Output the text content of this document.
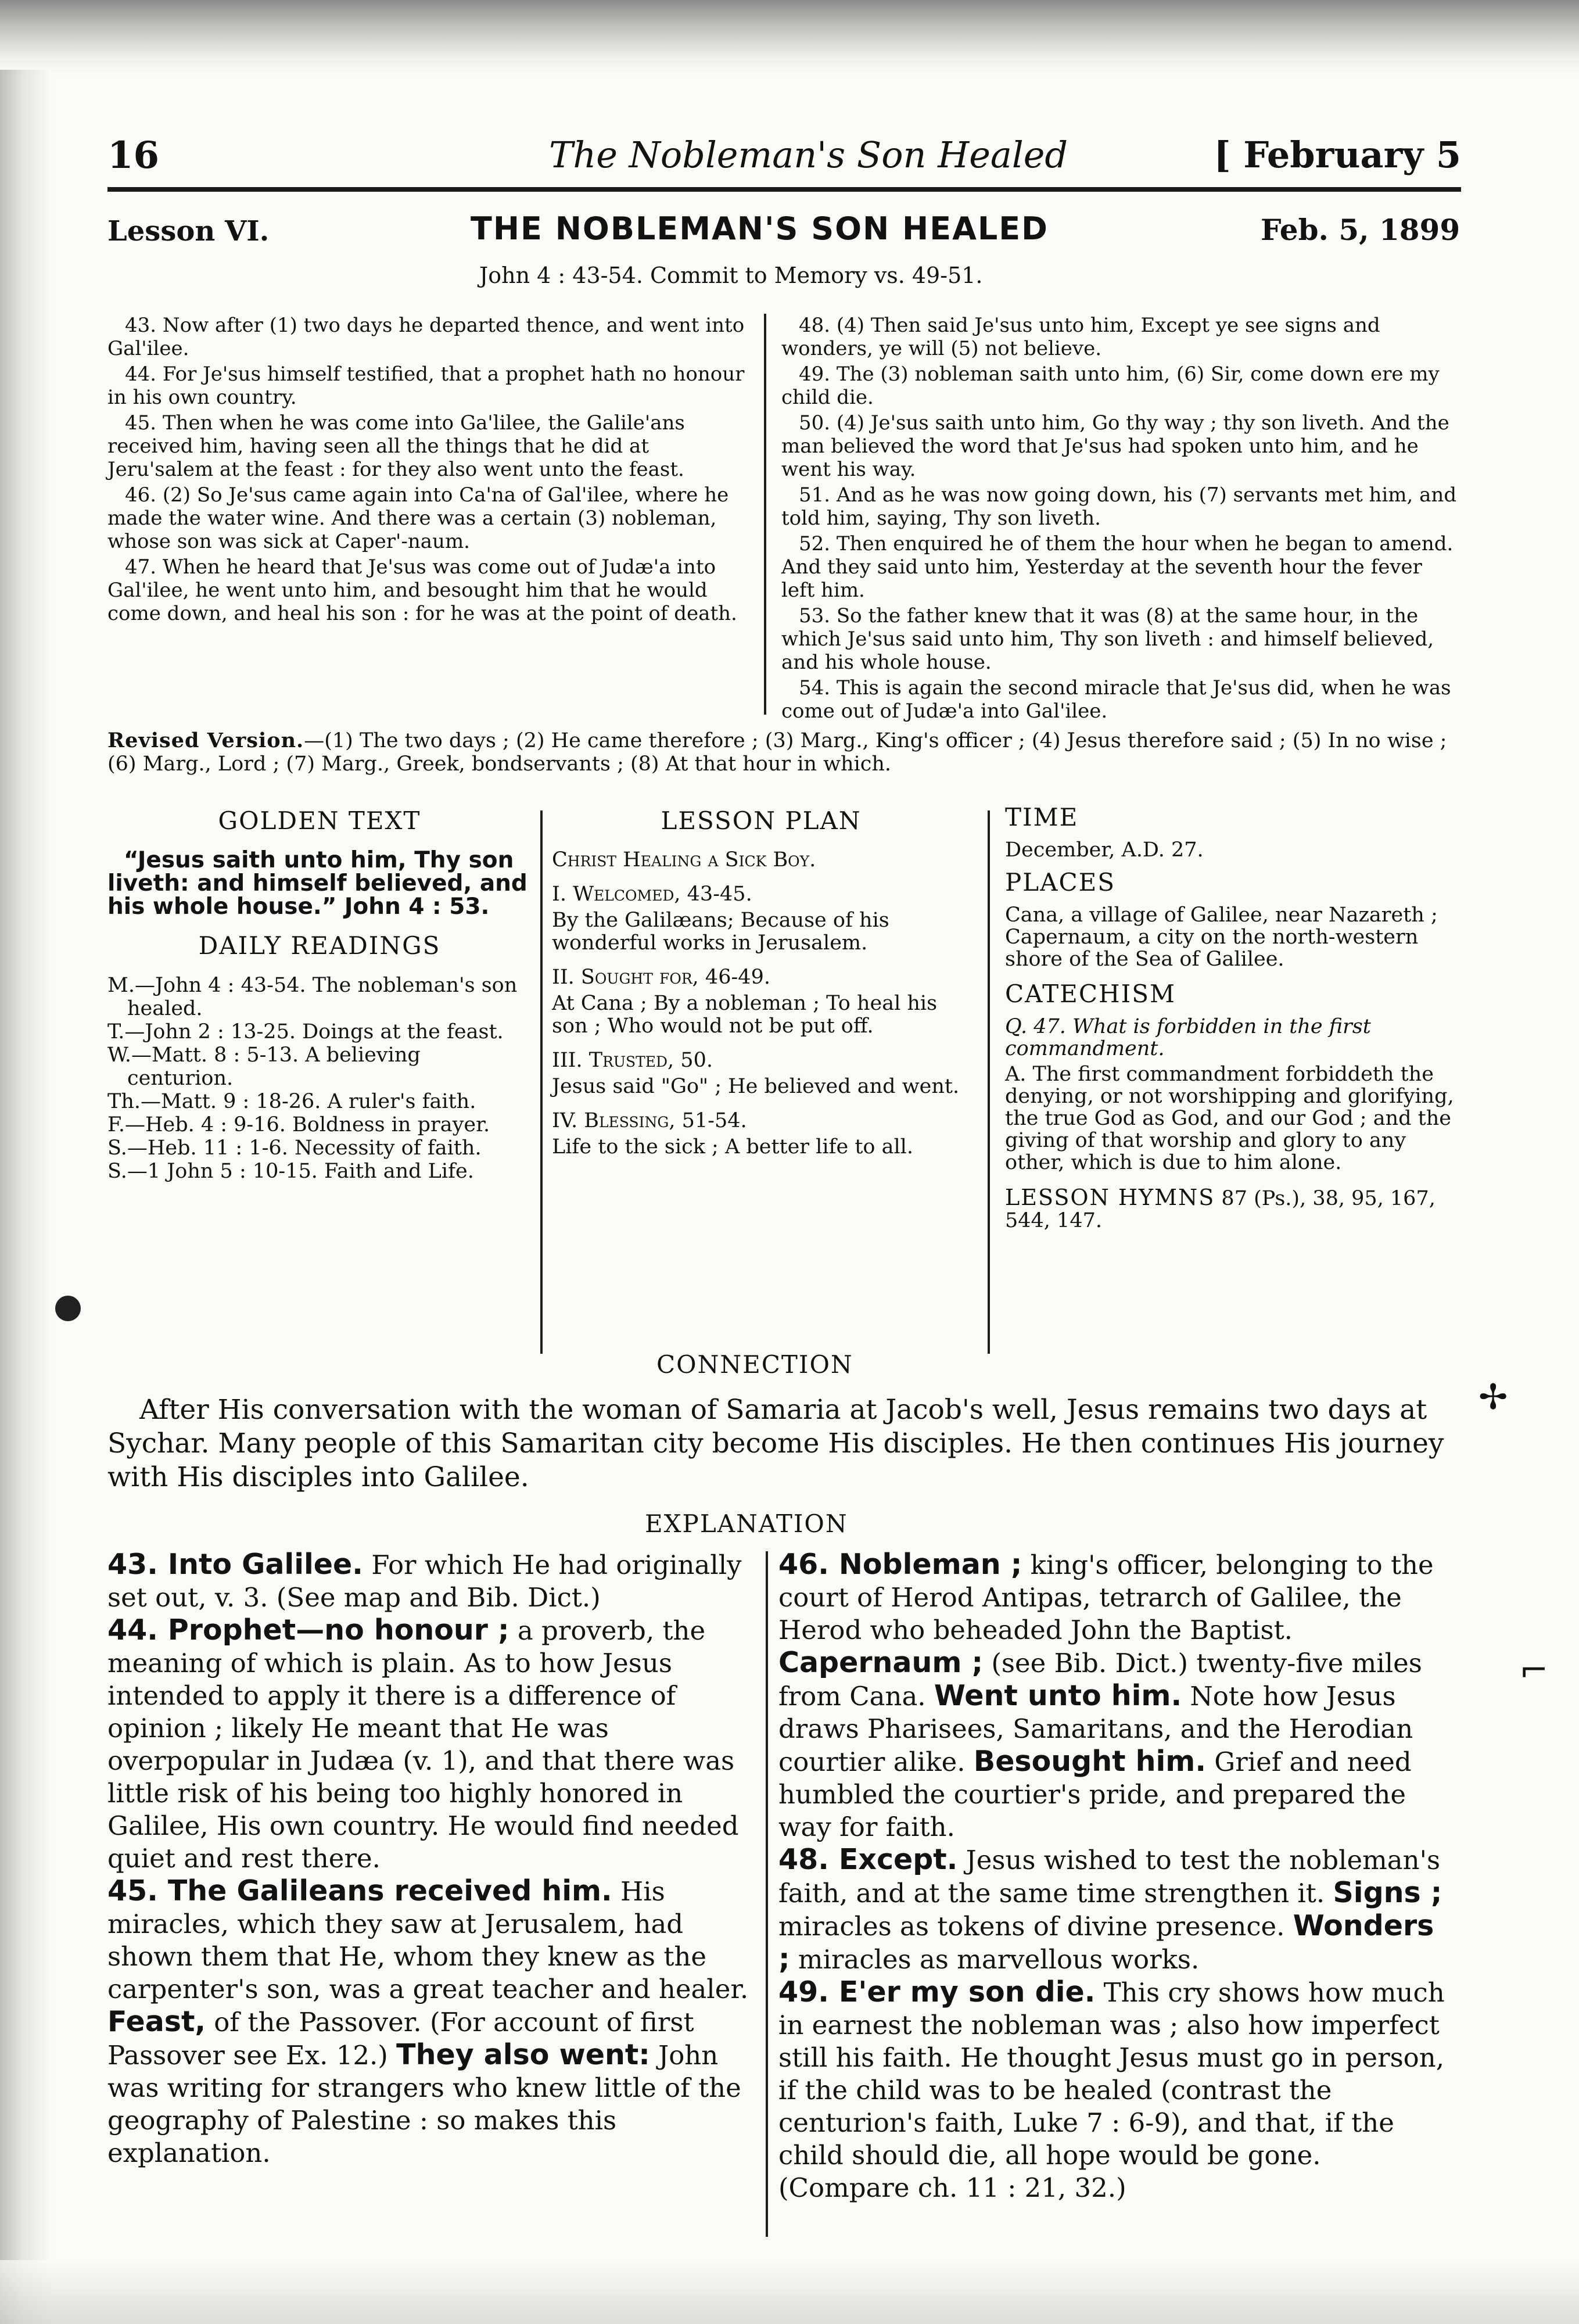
16	The Nobleman's Son Healed	[ February 5
Lesson VI.	THE NOBLEMAN'S SON HEALED	Feb. 5, 1899
John 4 : 43-54. Commit to Memory vs. 49-51.

43. Now after (1) two days he departed thence, and went into Gal'ilee.

44. For Je'sus himself testified, that a prophet hath no honour in his own country.

45. Then when he was come into Ga'lilee, the Galile'ans received him, having seen all the things that he did at Jeru'salem at the feast : for they also went unto the feast.

46. (2) So Je'sus came again into Ca'na of Gal'ilee, where he made the water wine. And there was a certain (3) nobleman, whose son was sick at Caper'-naum.

47. When he heard that Je'sus was come out of Judæ'a into Gal'ilee, he went unto him, and besought him that he would come down, and heal his son : for he was at the point of death.

48. (4) Then said Je'sus unto him, Except ye see signs and wonders, ye will (5) not believe.

49. The (3) nobleman saith unto him, (6) Sir, come down ere my child die.

50. (4) Je'sus saith unto him, Go thy way ; thy son liveth. And the man believed the word that Je'sus had spoken unto him, and he went his way.

51. And as he was now going down, his (7) servants met him, and told him, saying, Thy son liveth.

52. Then enquired he of them the hour when he began to amend. And they said unto him, Yesterday at the seventh hour the fever left him.

53. So the father knew that it was (8) at the same hour, in the which Je'sus said unto him, Thy son liveth : and himself believed, and his whole house.

54. This is again the second miracle that Je'sus did, when he was come out of Judæ'a into Gal'ilee.

Revised Version.—(1) The two days ; (2) He came therefore ; (3) Marg., King's officer ; (4) Jesus therefore said ; (5) In no wise ; (6) Marg., Lord ; (7) Marg., Greek, bondservants ; (8) At that hour in which.
GOLDEN TEXT
“Jesus saith unto him, Thy son liveth: and himself believed, and his whole house.” John 4 : 53.
DAILY READINGS

M.—John 4 : 43-54. The nobleman's son healed.

T.—John 2 : 13-25. Doings at the feast.

W.—Matt. 8 : 5-13. A believing centurion.

Th.—Matt. 9 : 18-26. A ruler's faith.

F.—Heb. 4 : 9-16. Boldness in prayer.

S.—Heb. 11 : 1-6. Necessity of faith.

S.—1 John 5 : 10-15. Faith and Life.

LESSON PLAN

Christ Healing a Sick Boy.

I. Welcomed, 43-45.

By the Galilæans; Because of his wonderful works in Jerusalem.

II. Sought for, 46-49.

At Cana ; By a nobleman ; To heal his son ; Who would not be put off.

III. Trusted, 50.

Jesus said "Go" ; He believed and went.

IV. Blessing, 51-54.

Life to the sick ; A better life to all.

TIME

December, A.D. 27.

PLACES

Cana, a village of Galilee, near Nazareth ; Capernaum, a city on the north-western shore of the Sea of Galilee.

CATECHISM

Q. 47. What is forbidden in the first commandment.

A. The first commandment forbiddeth the denying, or not worshipping and glorifying, the true God as God, and our God ; and the giving of that worship and glory to any other, which is due to him alone.

LESSON HYMNS 87 (Ps.), 38, 95, 167, 544, 147.

CONNECTION
After His conversation with the woman of Samaria at Jacob's well, Jesus remains two days at Sychar. Many people of this Samaritan city become His disciples. He then continues His journey with His disciples into Galilee.
EXPLANATION

43. Into Galilee. For which He had originally set out, v. 3. (See map and Bib. Dict.)

44. Prophet—no honour ; a proverb, the meaning of which is plain. As to how Jesus intended to apply it there is a difference of opinion ; likely He meant that He was overpopular in Judæa (v. 1), and that there was little risk of his being too highly honored in Galilee, His own country. He would find needed quiet and rest there.

45. The Galileans received him. His miracles, which they saw at Jerusalem, had shown them that He, whom they knew as the carpenter's son, was a great teacher and healer. Feast, of the Passover. (For account of first Passover see Ex. 12.) They also went: John was writing for strangers who knew little of the geography of Palestine : so makes this explanation.

46. Nobleman ; king's officer, belonging to the court of Herod Antipas, tetrarch of Galilee, the Herod who beheaded John the Baptist. Capernaum ; (see Bib. Dict.) twenty-five miles from Cana. Went unto him. Note how Jesus draws Pharisees, Samaritans, and the Herodian courtier alike. Besought him. Grief and need humbled the courtier's pride, and prepared the way for faith.

48. Except. Jesus wished to test the nobleman's faith, and at the same time strengthen it. Signs ; miracles as tokens of divine presence. Wonders ; miracles as marvellous works.

49. E'er my son die. This cry shows how much in earnest the nobleman was ; also how imperfect still his faith. He thought Jesus must go in person, if the child was to be healed (contrast the centurion's faith, Luke 7 : 6-9), and that, if the child should die, all hope would be gone. (Compare ch. 11 : 21, 32.)

✢
⌐
